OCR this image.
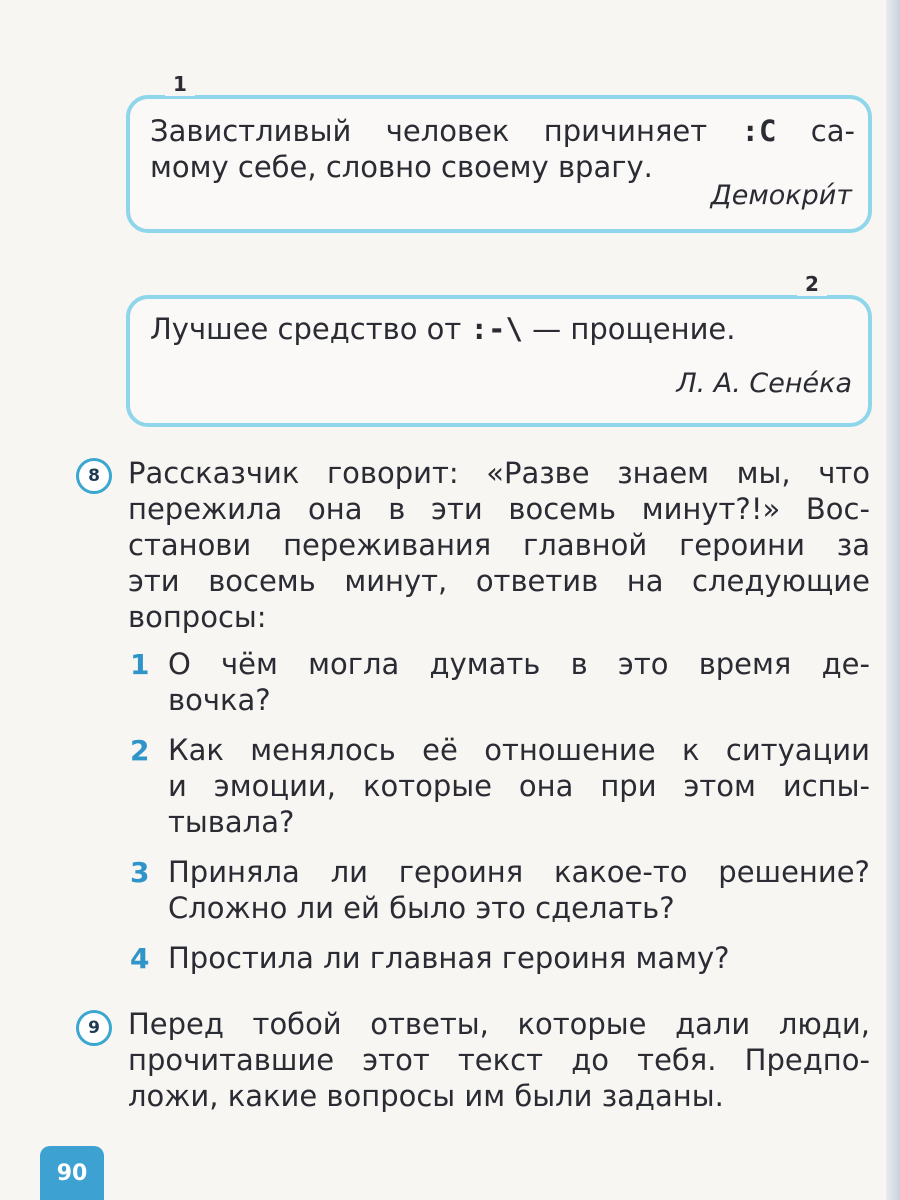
1
Завистливый человек причиняет :С са-
мому себе, словно своему врагу.
Демокри́т
2
Лучшее средство от :-\ — прощение.
Л. А. Сене́ка
8 Рассказчик говорит: «Разве знаем мы, что
пережила она в эти восемь минут?!» Вос-
станови переживания главной героини за
эти восемь минут, ответив на следующие
вопросы:
1 О чём могла думать в это время де-
вочка?
2 Как менялось её отношение к ситуации
и эмоции, которые она при этом испы-
тывала?
3 Приняла ли героиня какое-то решение?
Сложно ли ей было это сделать?
4 Простила ли главная героиня маму?
9 Перед тобой ответы, которые дали люди,
прочитавшие этот текст до тебя. Предпо-
ложи, какие вопросы им были заданы.
90
